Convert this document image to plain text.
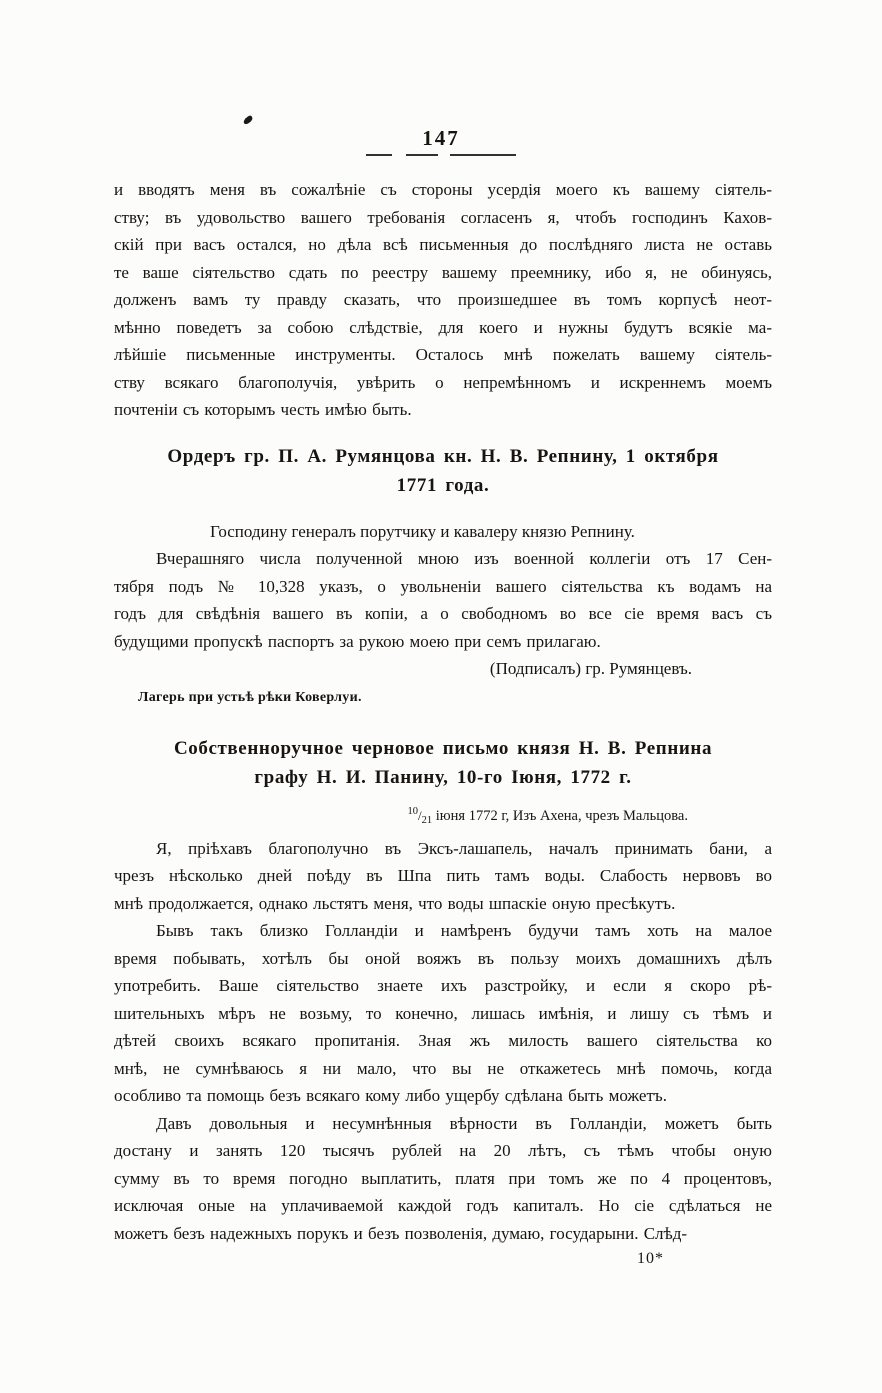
147
и вводятъ меня въ сожалѣніе съ стороны усердія моего къ вашему сіятель-
ству; въ удовольство вашего требованія согласенъ я, чтобъ господинъ Кахов-
скій при васъ остался, но дѣла всѣ письменныя до послѣдняго листа не оставь
те ваше сіятельство сдать по реестру вашему преемнику, ибо я, не обинуясь,
долженъ вамъ ту правду сказать, что произшедшее въ томъ корпусѣ неот-
мѣнно поведетъ за собою слѣдствіе, для коего и нужны будутъ всякіе ма-
лѣйшіе письменные инструменты. Осталось мнѣ пожелать вашему сіятель-
ству всякаго благополучія, увѣрить о непремѣнномъ и искреннемъ моемъ
почтеніи съ которымъ честь имѣю быть.
Ордеръ гр. П. А. Румянцова кн. Н. В. Репнину, 1 октября
1771 года.
Господину генералъ порутчику и кавалеру князю Репнину.
Вчерашняго числа полученной мною изъ военной коллегіи отъ 17 Сен-
тября подъ № 10,328 указъ, о увольненіи вашего сіятельства къ водамъ на
годъ для свѣдѣнія вашего въ копіи, а о свободномъ во все сіе время васъ съ
будущими пропускѣ паспортъ за рукою моею при семъ прилагаю.
(Подписалъ) гр. Румянцевъ.
Лагерь при устьѣ рѣки Коверлуи.
Собственноручное черновое письмо князя Н. В. Репнина
графу Н. И. Панину, 10-го Іюня, 1772 г.
$^{10}/_{21}$ іюня 1772 г, Изъ Ахена, чрезъ Мальцова.
Я, пріѣхавъ благополучно въ Эксъ-лашапель, началъ принимать бани, а
чрезъ нѣсколько дней поѣду въ Шпа пить тамъ воды. Слабость нервовъ во
мнѣ продолжается, однако льстятъ меня, что воды шпаскіе оную пресѣкутъ.
Бывъ такъ близко Голландіи и намѣренъ будучи тамъ хоть на малое
время побывать, хотѣлъ бы оной вояжъ въ пользу моихъ домашнихъ дѣлъ
употребить. Ваше сіятельство знаете ихъ разстройку, и если я скоро рѣ-
шительныхъ мѣръ не возьму, то конечно, лишась имѣнія, и лишу съ тѣмъ и
дѣтей своихъ всякаго пропитанія. Зная жъ милость вашего сіятельства ко
мнѣ, не сумнѣваюсь я ни мало, что вы не откажетесь мнѣ помочь, когда
особливо та помощь безъ всякаго кому либо ущербу сдѣлана быть можетъ.
Давъ довольныя и несумнѣнныя вѣрности въ Голландіи, можетъ быть
достану и занять 120 тысячъ рублей на 20 лѣтъ, съ тѣмъ чтобы оную
сумму въ то время погодно выплатить, платя при томъ же по 4 процентовъ,
исключая оные на уплачиваемой каждой годъ капиталъ. Но сіе сдѣлаться не
можетъ безъ надежныхъ порукъ и безъ позволенія, думаю, государыни. Слѣд-
10*
